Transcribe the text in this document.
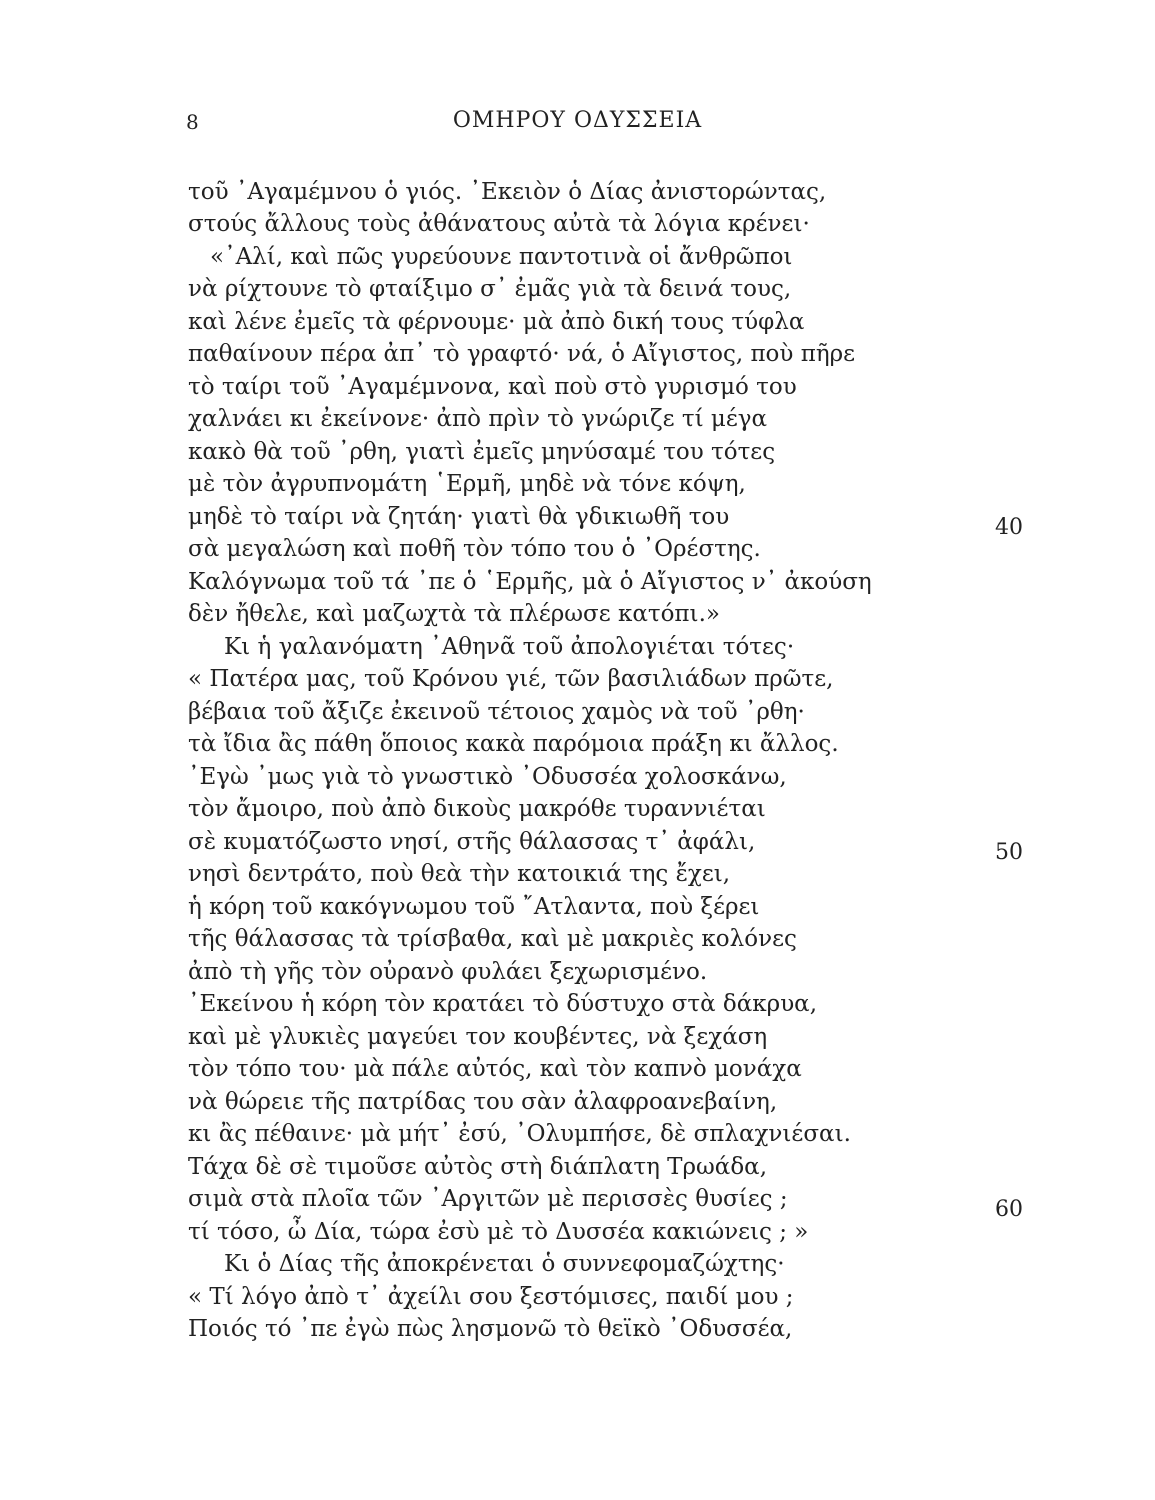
8	ΟΜΗΡΟΥ ΟΔΥΣΣΕΙΑ
τοῦ ᾿Αγαμέμνου ὁ γιός. ᾿Εκειὸν ὁ Δίας ἀνιστορώντας,
στούς ἄλλους τοὺς ἀθάνατους αὐτὰ τὰ λόγια κρένει·
«᾿Αλί, καὶ πῶς γυρεύουνε παντοτινὰ οἱ ἄνθρῶποι
νὰ ρίχτουνε τὸ φταίξιμο σ᾿ ἐμᾶς γιὰ τὰ δεινά τους,
καὶ λένε ἐμεῖς τὰ φέρνουμε· μὰ ἀπὸ δική τους τύφλα
παθαίνουν πέρα ἀπ᾿ τὸ γραφτό· νά, ὁ Αἴγιστος, ποὺ πῆρε
τὸ ταίρι τοῦ ᾿Αγαμέμνονα, καὶ ποὺ στὸ γυρισμό του
χαλνάει κι ἐκείνονε· ἀπὸ πρὶν τὸ γνώριζε τί μέγα
κακὸ θὰ τοῦ ᾿ρθη, γιατὶ ἐμεῖς μηνύσαμέ του τότες
μὲ τὸν ἀγρυπνομάτη ῾Ερμῆ, μηδὲ νὰ τόνε κόψη,
μηδὲ τὸ ταίρι νὰ ζητάη· γιατὶ θὰ γδικιωθῆ του
σὰ μεγαλώση καὶ ποθῆ τὸν τόπο του ὁ ᾿Ορέστης.
Καλόγνωμα τοῦ τά ᾿πε ὁ ῾Ερμῆς, μὰ ὁ Αἴγιστος ν᾿ ἀκούση
δὲν ἤθελε, καὶ μαζωχτὰ τὰ πλέρωσε κατόπι.»
Κι ἡ γαλανόματη ᾿Αθηνᾶ τοῦ ἀπολογιέται τότες·
« Πατέρα μας, τοῦ Κρόνου γιέ, τῶν βασιλιάδων πρῶτε,
βέβαια τοῦ ἄξιζε ἐκεινοῦ τέτοιος χαμὸς νὰ τοῦ ᾿ρθη·
τὰ ἴδια ἂς πάθη ὅποιος κακὰ παρόμοια πράξη κι ἄλλος.
᾿Εγὼ ᾿μως γιὰ τὸ γνωστικὸ ᾿Οδυσσέα χολοσκάνω,
τὸν ἄμοιρο, ποὺ ἀπὸ δικοὺς μακρόθε τυραννιέται
σὲ κυματόζωστο νησί, στῆς θάλασσας τ᾿ ἀφάλι,
νησὶ δεντράτο, ποὺ θεὰ τὴν κατοικιά της ἔχει,
ἡ κόρη τοῦ κακόγνωμου τοῦ ῎Ατλαντα, ποὺ ξέρει
τῆς θάλασσας τὰ τρίσβαθα, καὶ μὲ μακριὲς κολόνες
ἀπὸ τὴ γῆς τὸν οὐρανὸ φυλάει ξεχωρισμένο.
᾿Εκείνου ἡ κόρη τὸν κρατάει τὸ δύστυχο στὰ δάκρυα,
καὶ μὲ γλυκιὲς μαγεύει τον κουβέντες, νὰ ξεχάση
τὸν τόπο του· μὰ πάλε αὐτός, καὶ τὸν καπνὸ μονάχα
νὰ θώρειε τῆς πατρίδας του σὰν ἀλαφροανεβαίνη,
κι ἂς πέθαινε· μὰ μήτ᾿ ἐσύ, ᾿Ολυμπήσε, δὲ σπλαχνιέσαι.
Τάχα δὲ σὲ τιμοῦσε αὐτὸς στὴ διάπλατη Τρωάδα,
σιμὰ στὰ πλοῖα τῶν ᾿Αργιτῶν μὲ περισσὲς θυσίες ;
τί τόσο, ὦ Δία, τώρα ἐσὺ μὲ τὸ Δυσσέα κακιώνεις ; »
Κι ὁ Δίας τῆς ἀποκρένεται ὁ συννεφομαζώχτης·
« Τί λόγο ἀπὸ τ᾿ ἀχείλι σου ξεστόμισες, παιδί μου ;
Ποιός τό ᾿πε ἐγὼ πὼς λησμονῶ τὸ θεϊκὸ ᾿Οδυσσέα,
40
50
60
